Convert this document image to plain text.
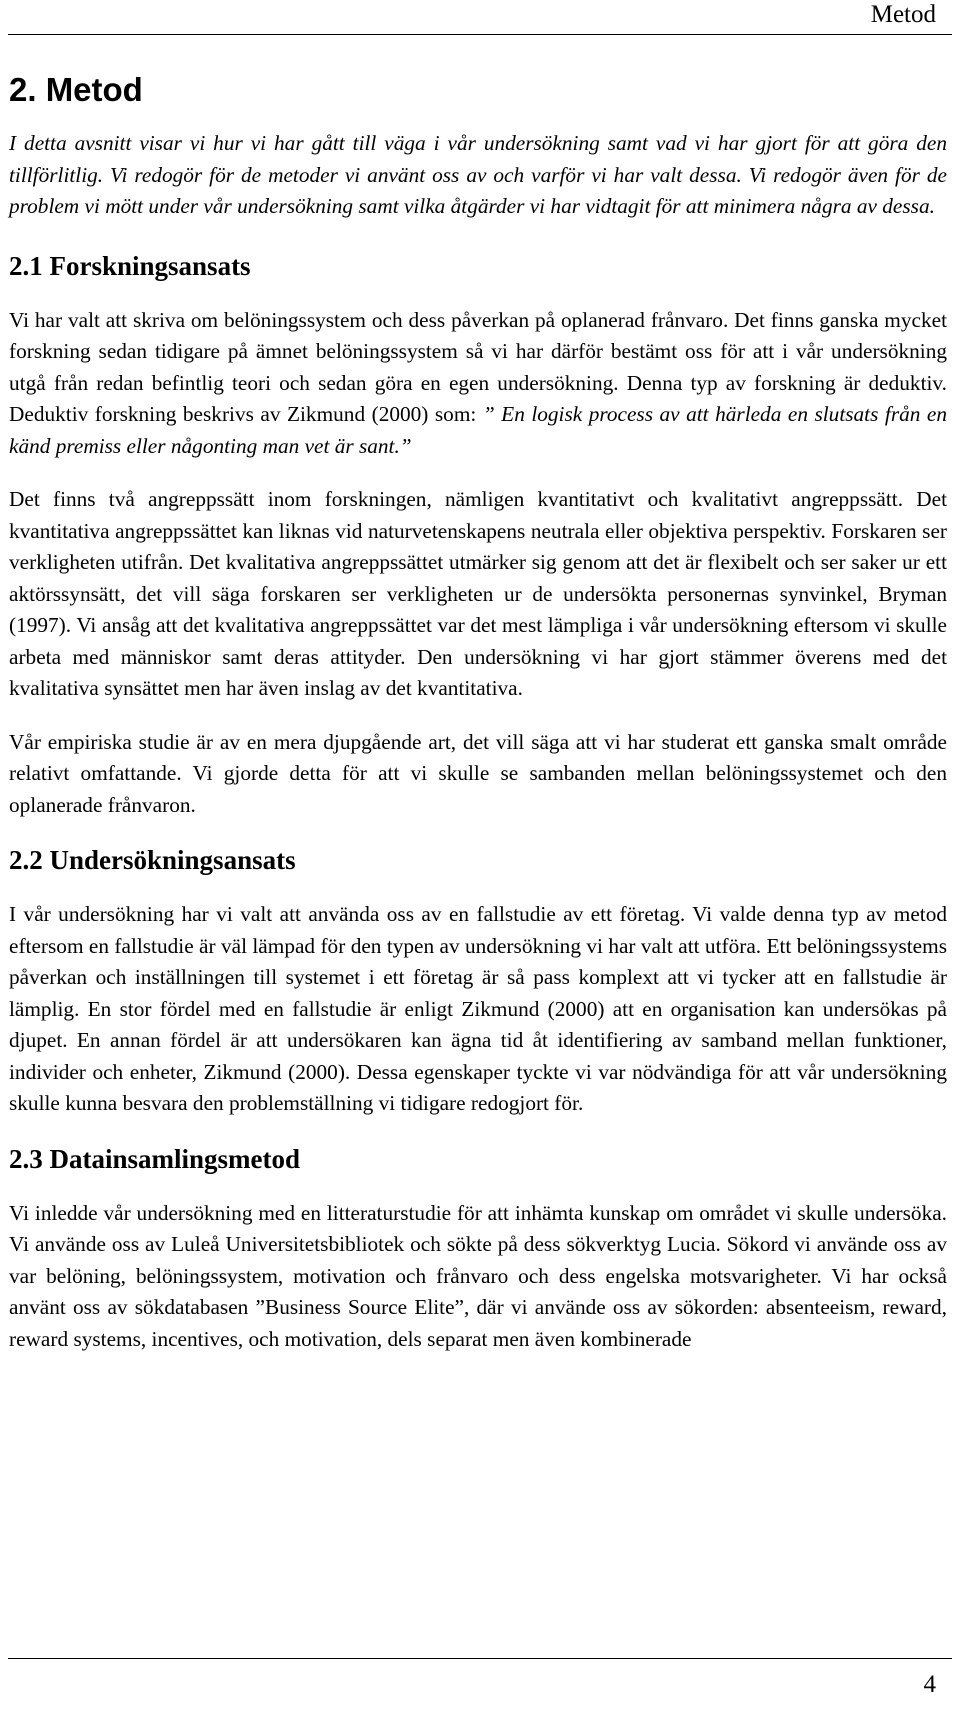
Metod
2. Metod

I detta avsnitt visar vi hur vi har gått till väga i vår undersökning samt vad vi har gjort för att göra den tillförlitlig. Vi redogör för de metoder vi använt oss av och varför vi har valt dessa. Vi redogör även för de problem vi mött under vår undersökning samt vilka åtgärder vi har vidtagit för att minimera några av dessa.

2.1 Forskningsansats

Vi har valt att skriva om belöningssystem och dess påverkan på oplanerad frånvaro. Det finns ganska mycket forskning sedan tidigare på ämnet belöningssystem så vi har därför bestämt oss för att i vår undersökning utgå från redan befintlig teori och sedan göra en egen undersökning. Denna typ av forskning är deduktiv. Deduktiv forskning beskrivs av Zikmund (2000) som: ” En logisk process av att härleda en slutsats från en känd premiss eller någonting man vet är sant.”

Det finns två angreppssätt inom forskningen, nämligen kvantitativt och kvalitativt angreppssätt. Det kvantitativa angreppssättet kan liknas vid naturvetenskapens neutrala eller objektiva perspektiv. Forskaren ser verkligheten utifrån. Det kvalitativa angreppssättet utmärker sig genom att det är flexibelt och ser saker ur ett aktörssynsätt, det vill säga forskaren ser verkligheten ur de undersökta personernas synvinkel, Bryman (1997). Vi ansåg att det kvalitativa angreppssättet var det mest lämpliga i vår undersökning eftersom vi skulle arbeta med människor samt deras attityder. Den undersökning vi har gjort stämmer överens med det kvalitativa synsättet men har även inslag av det kvantitativa.

Vår empiriska studie är av en mera djupgående art, det vill säga att vi har studerat ett ganska smalt område relativt omfattande. Vi gjorde detta för att vi skulle se sambanden mellan belöningssystemet och den oplanerade frånvaron.

2.2 Undersökningsansats

I vår undersökning har vi valt att använda oss av en fallstudie av ett företag. Vi valde denna typ av metod eftersom en fallstudie är väl lämpad för den typen av undersökning vi har valt att utföra. Ett belöningssystems påverkan och inställningen till systemet i ett företag är så pass komplext att vi tycker att en fallstudie är lämplig. En stor fördel med en fallstudie är enligt Zikmund (2000) att en organisation kan undersökas på djupet. En annan fördel är att undersökaren kan ägna tid åt identifiering av samband mellan funktioner, individer och enheter, Zikmund (2000). Dessa egenskaper tyckte vi var nödvändiga för att vår undersökning skulle kunna besvara den problemställning vi tidigare redogjort för.

2.3 Datainsamlingsmetod

Vi inledde vår undersökning med en litteraturstudie för att inhämta kunskap om området vi skulle undersöka. Vi använde oss av Luleå Universitetsbibliotek och sökte på dess sökverktyg Lucia. Sökord vi använde oss av var belöning, belöningssystem, motivation och frånvaro och dess engelska motsvarigheter. Vi har också använt oss av sökdatabasen ”Business Source Elite”, där vi använde oss av sökorden: absenteeism, reward, reward systems, incentives, och motivation, dels separat men även kombinerade

4
